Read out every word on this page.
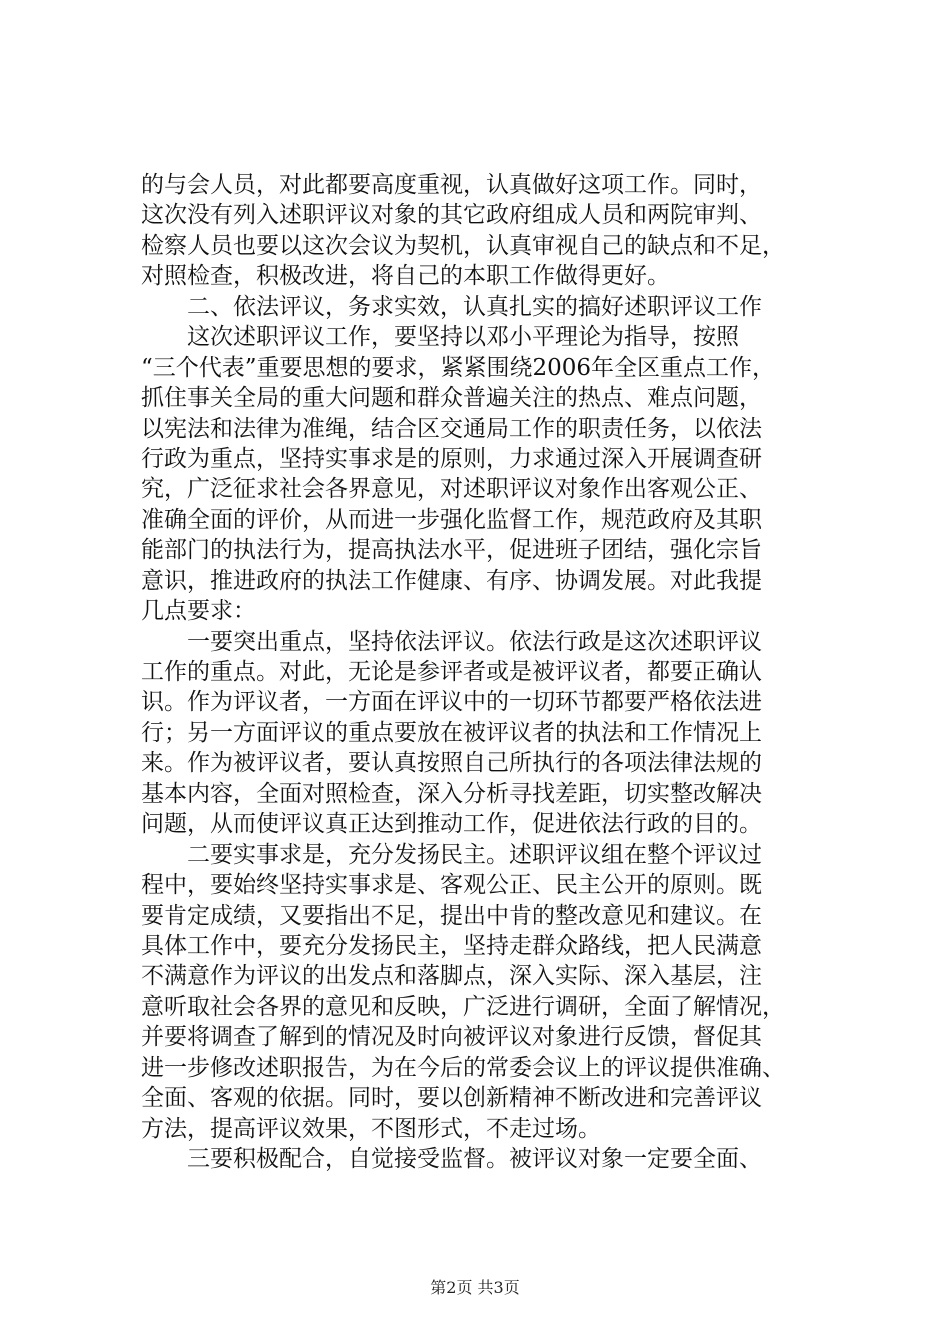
的与会人员，对此都要高度重视，认真做好这项工作。同时，
这次没有列入述职评议对象的其它政府组成人员和两院审判、
检察人员也要以这次会议为契机，认真审视自己的缺点和不足，
对照检查，积极改进，将自己的本职工作做得更好。
　　二、依法评议，务求实效，认真扎实的搞好述职评议工作
　　这次述职评议工作，要坚持以邓小平理论为指导，按照
“三个代表”重要思想的要求，紧紧围绕2006年全区重点工作，
抓住事关全局的重大问题和群众普遍关注的热点、难点问题，
以宪法和法律为准绳，结合区交通局工作的职责任务，以依法
行政为重点，坚持实事求是的原则，力求通过深入开展调查研
究，广泛征求社会各界意见，对述职评议对象作出客观公正、
准确全面的评价，从而进一步强化监督工作，规范政府及其职
能部门的执法行为，提高执法水平，促进班子团结，强化宗旨
意识，推进政府的执法工作健康、有序、协调发展。对此我提
几点要求：
　　一要突出重点，坚持依法评议。依法行政是这次述职评议
工作的重点。对此，无论是参评者或是被评议者，都要正确认
识。作为评议者，一方面在评议中的一切环节都要严格依法进
行；另一方面评议的重点要放在被评议者的执法和工作情况上
来。作为被评议者，要认真按照自己所执行的各项法律法规的
基本内容，全面对照检查，深入分析寻找差距，切实整改解决
问题，从而使评议真正达到推动工作，促进依法行政的目的。
　　二要实事求是，充分发扬民主。述职评议组在整个评议过
程中，要始终坚持实事求是、客观公正、民主公开的原则。既
要肯定成绩，又要指出不足，提出中肯的整改意见和建议。在
具体工作中，要充分发扬民主，坚持走群众路线，把人民满意
不满意作为评议的出发点和落脚点，深入实际、深入基层，注
意听取社会各界的意见和反映，广泛进行调研，全面了解情况，
并要将调查了解到的情况及时向被评议对象进行反馈，督促其
进一步修改述职报告，为在今后的常委会议上的评议提供准确、
全面、客观的依据。同时，要以创新精神不断改进和完善评议
方法，提高评议效果，不图形式，不走过场。
　　三要积极配合，自觉接受监督。被评议对象一定要全面、
第2页 共3页
